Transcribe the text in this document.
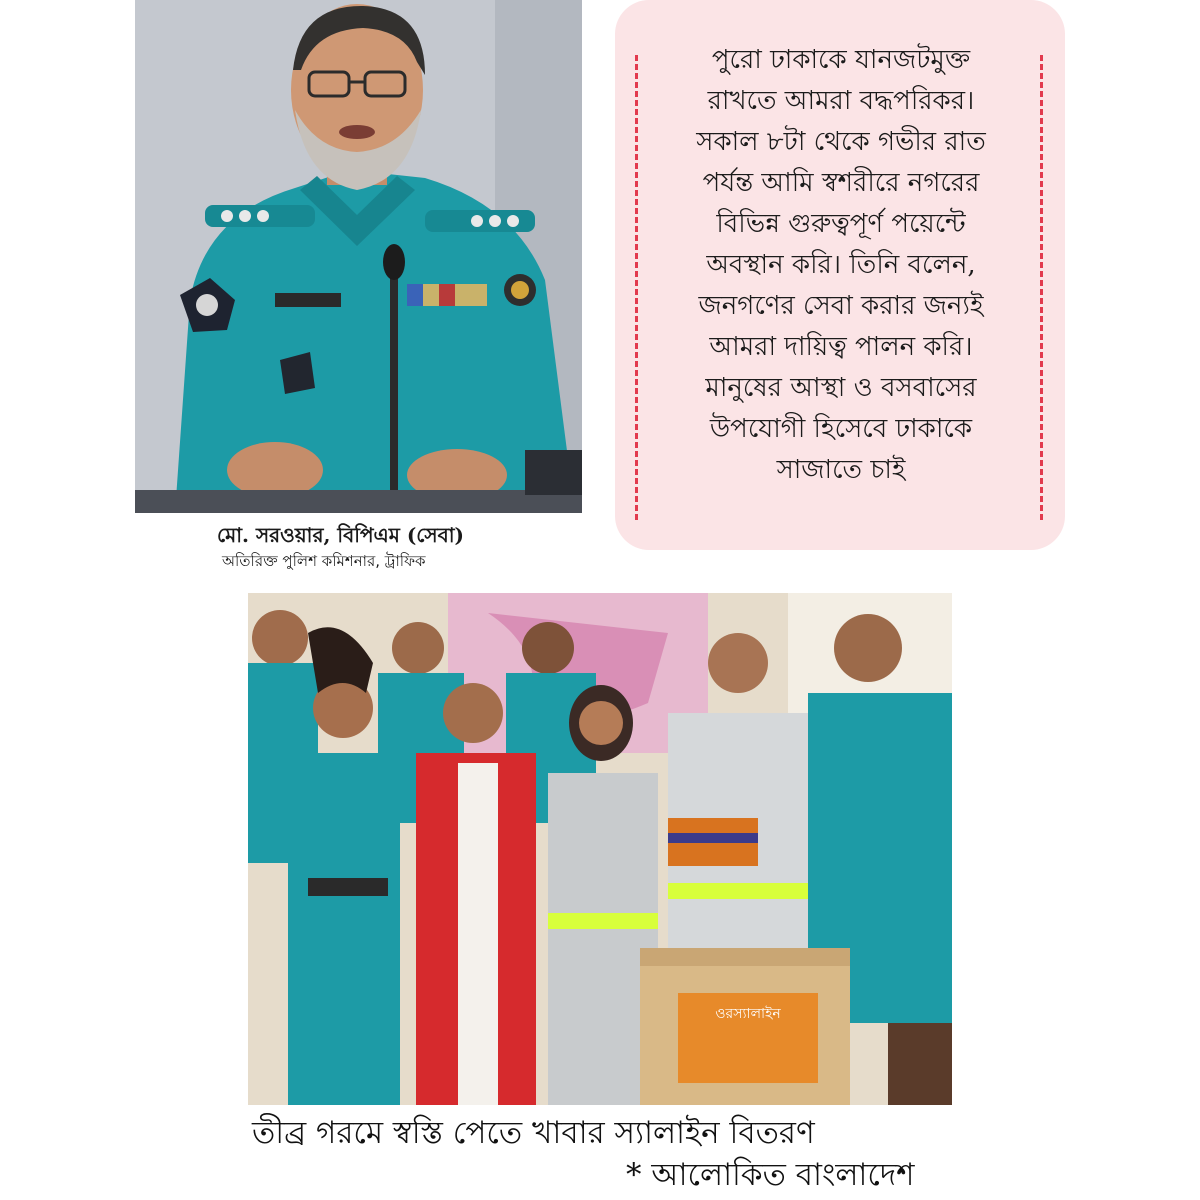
মো. সরওয়ার, বিপিএম (সেবা)
অতিরিক্ত পুলিশ কমিশনার, ট্রাফিক
পুরো ঢাকাকে যানজটমুক্ত
রাখতে আমরা বদ্ধপরিকর।
সকাল ৮টা থেকে গভীর রাত
পর্যন্ত আমি স্বশরীরে নগরের
বিভিন্ন গুরুত্বপূর্ণ পয়েন্টে
অবস্থান করি। তিনি বলেন,
জনগণের সেবা করার জন্যই
আমরা দায়িত্ব পালন করি।
মানুষের আস্থা ও বসবাসের
উপযোগী হিসেবে ঢাকাকে
সাজাতে চাই
ওরস্যালাইন
তীব্র গরমে স্বস্তি পেতে খাবার স্যালাইন বিতরণ
* আলোকিত বাংলাদেশ
